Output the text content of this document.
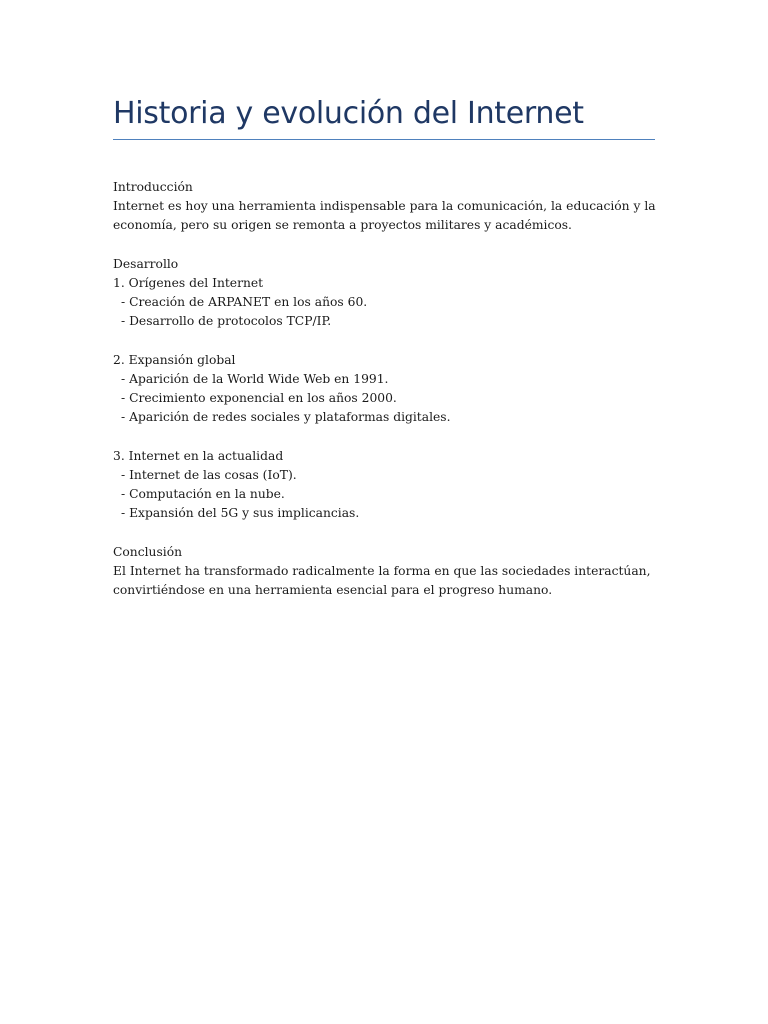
Historia y evolución del Internet

Introducción

Internet es hoy una herramienta indispensable para la comunicación, la educación y la economía, pero su origen se remonta a proyectos militares y académicos.

Desarrollo

1. Orígenes del Internet

- Creación de ARPANET en los años 60.

- Desarrollo de protocolos TCP/IP.

2. Expansión global

- Aparición de la World Wide Web en 1991.

- Crecimiento exponencial en los años 2000.

- Aparición de redes sociales y plataformas digitales.

3. Internet en la actualidad

- Internet de las cosas (IoT).

- Computación en la nube.

- Expansión del 5G y sus implicancias.

Conclusión

El Internet ha transformado radicalmente la forma en que las sociedades interactúan, convirtiéndose en una herramienta esencial para el progreso humano.
